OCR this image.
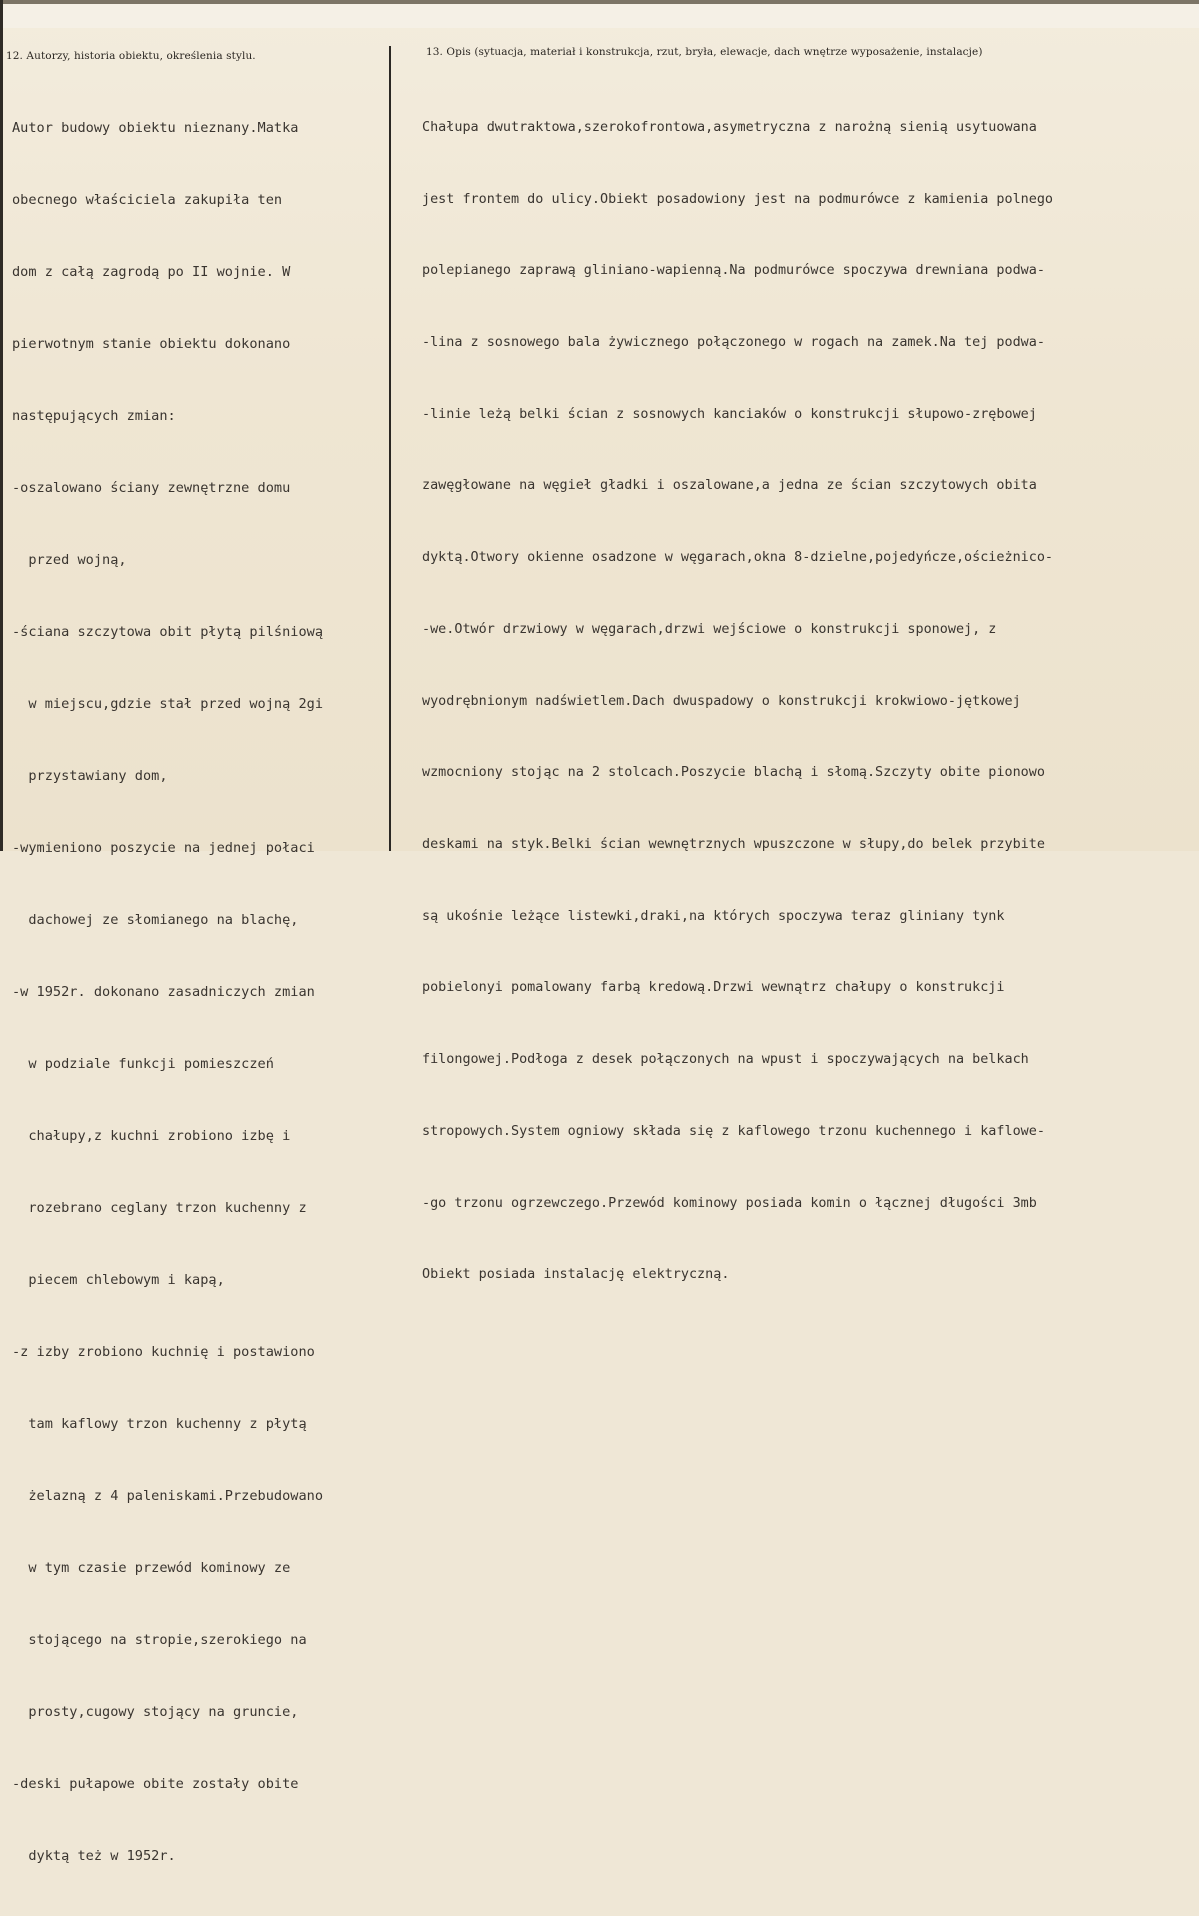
12. Autorzy, historia obiektu, określenia stylu.	13. Opis (sytuacja, materiał i konstrukcja, rzut, bryła, elewacje, dach wnętrze wyposażenie, instalacje)

Autor budowy obiektu nieznany.Matka

obecnego właściciela zakupiła ten

dom z całą zagrodą po II wojnie. W

pierwotnym stanie obiektu dokonano

następujących zmian:

-oszalowano ściany zewnętrzne domu

przed wojną,

-ściana szczytowa obit płytą pilśniową

w miejscu,gdzie stał przed wojną 2gi

przystawiany dom,

-wymieniono poszycie na jednej połaci

dachowej ze słomianego na blachę,

-w 1952r. dokonano zasadniczych zmian

w podziale funkcji pomieszczeń

chałupy,z kuchni zrobiono izbę i

rozebrano ceglany trzon kuchenny z

piecem chlebowym i kapą,

-z izby zrobiono kuchnię i postawiono

tam kaflowy trzon kuchenny z płytą

żelazną z 4 paleniskami.Przebudowano

w tym czasie przewód kominowy ze

stojącego na stropie,szerokiego na

prosty,cugowy stojący na gruncie,

-deski pułapowe obite zostały obite

dyktą też w 1952r.

Chałupa dwutraktowa,szerokofrontowa,asymetryczna z narożną sienią usytuowana

jest frontem do ulicy.Obiekt posadowiony jest na podmurówce z kamienia polnego

polepianego zaprawą gliniano-wapienną.Na podmurówce spoczywa drewniana podwa-

-lina z sosnowego bala żywicznego połączonego w rogach na zamek.Na tej podwa-

-linie leżą belki ścian z sosnowych kanciaków o konstrukcji słupowo-zrębowej

zawęgłowane na węgieł gładki i oszalowane,a jedna ze ścian szczytowych obita

dyktą.Otwory okienne osadzone w węgarach,okna 8-dzielne,pojedyńcze,ościeżnico-

-we.Otwór drzwiowy w węgarach,drzwi wejściowe o konstrukcji sponowej, z

wyodrębnionym nadświetlem.Dach dwuspadowy o konstrukcji krokwiowo-jętkowej

wzmocniony stojąc na 2 stolcach.Poszycie blachą i słomą.Szczyty obite pionowo

deskami na styk.Belki ścian wewnętrznych wpuszczone w słupy,do belek przybite

są ukośnie leżące listewki,draki,na których spoczywa teraz gliniany tynk

pobielonyi pomalowany farbą kredową.Drzwi wewnątrz chałupy o konstrukcji

filongowej.Podłoga z desek połączonych na wpust i spoczywających na belkach

stropowych.System ogniowy składa się z kaflowego trzonu kuchennego i kaflowe-

-go trzonu ogrzewczego.Przewód kominowy posiada komin o łącznej długości 3mb

Obiekt posiada instalację elektryczną.
